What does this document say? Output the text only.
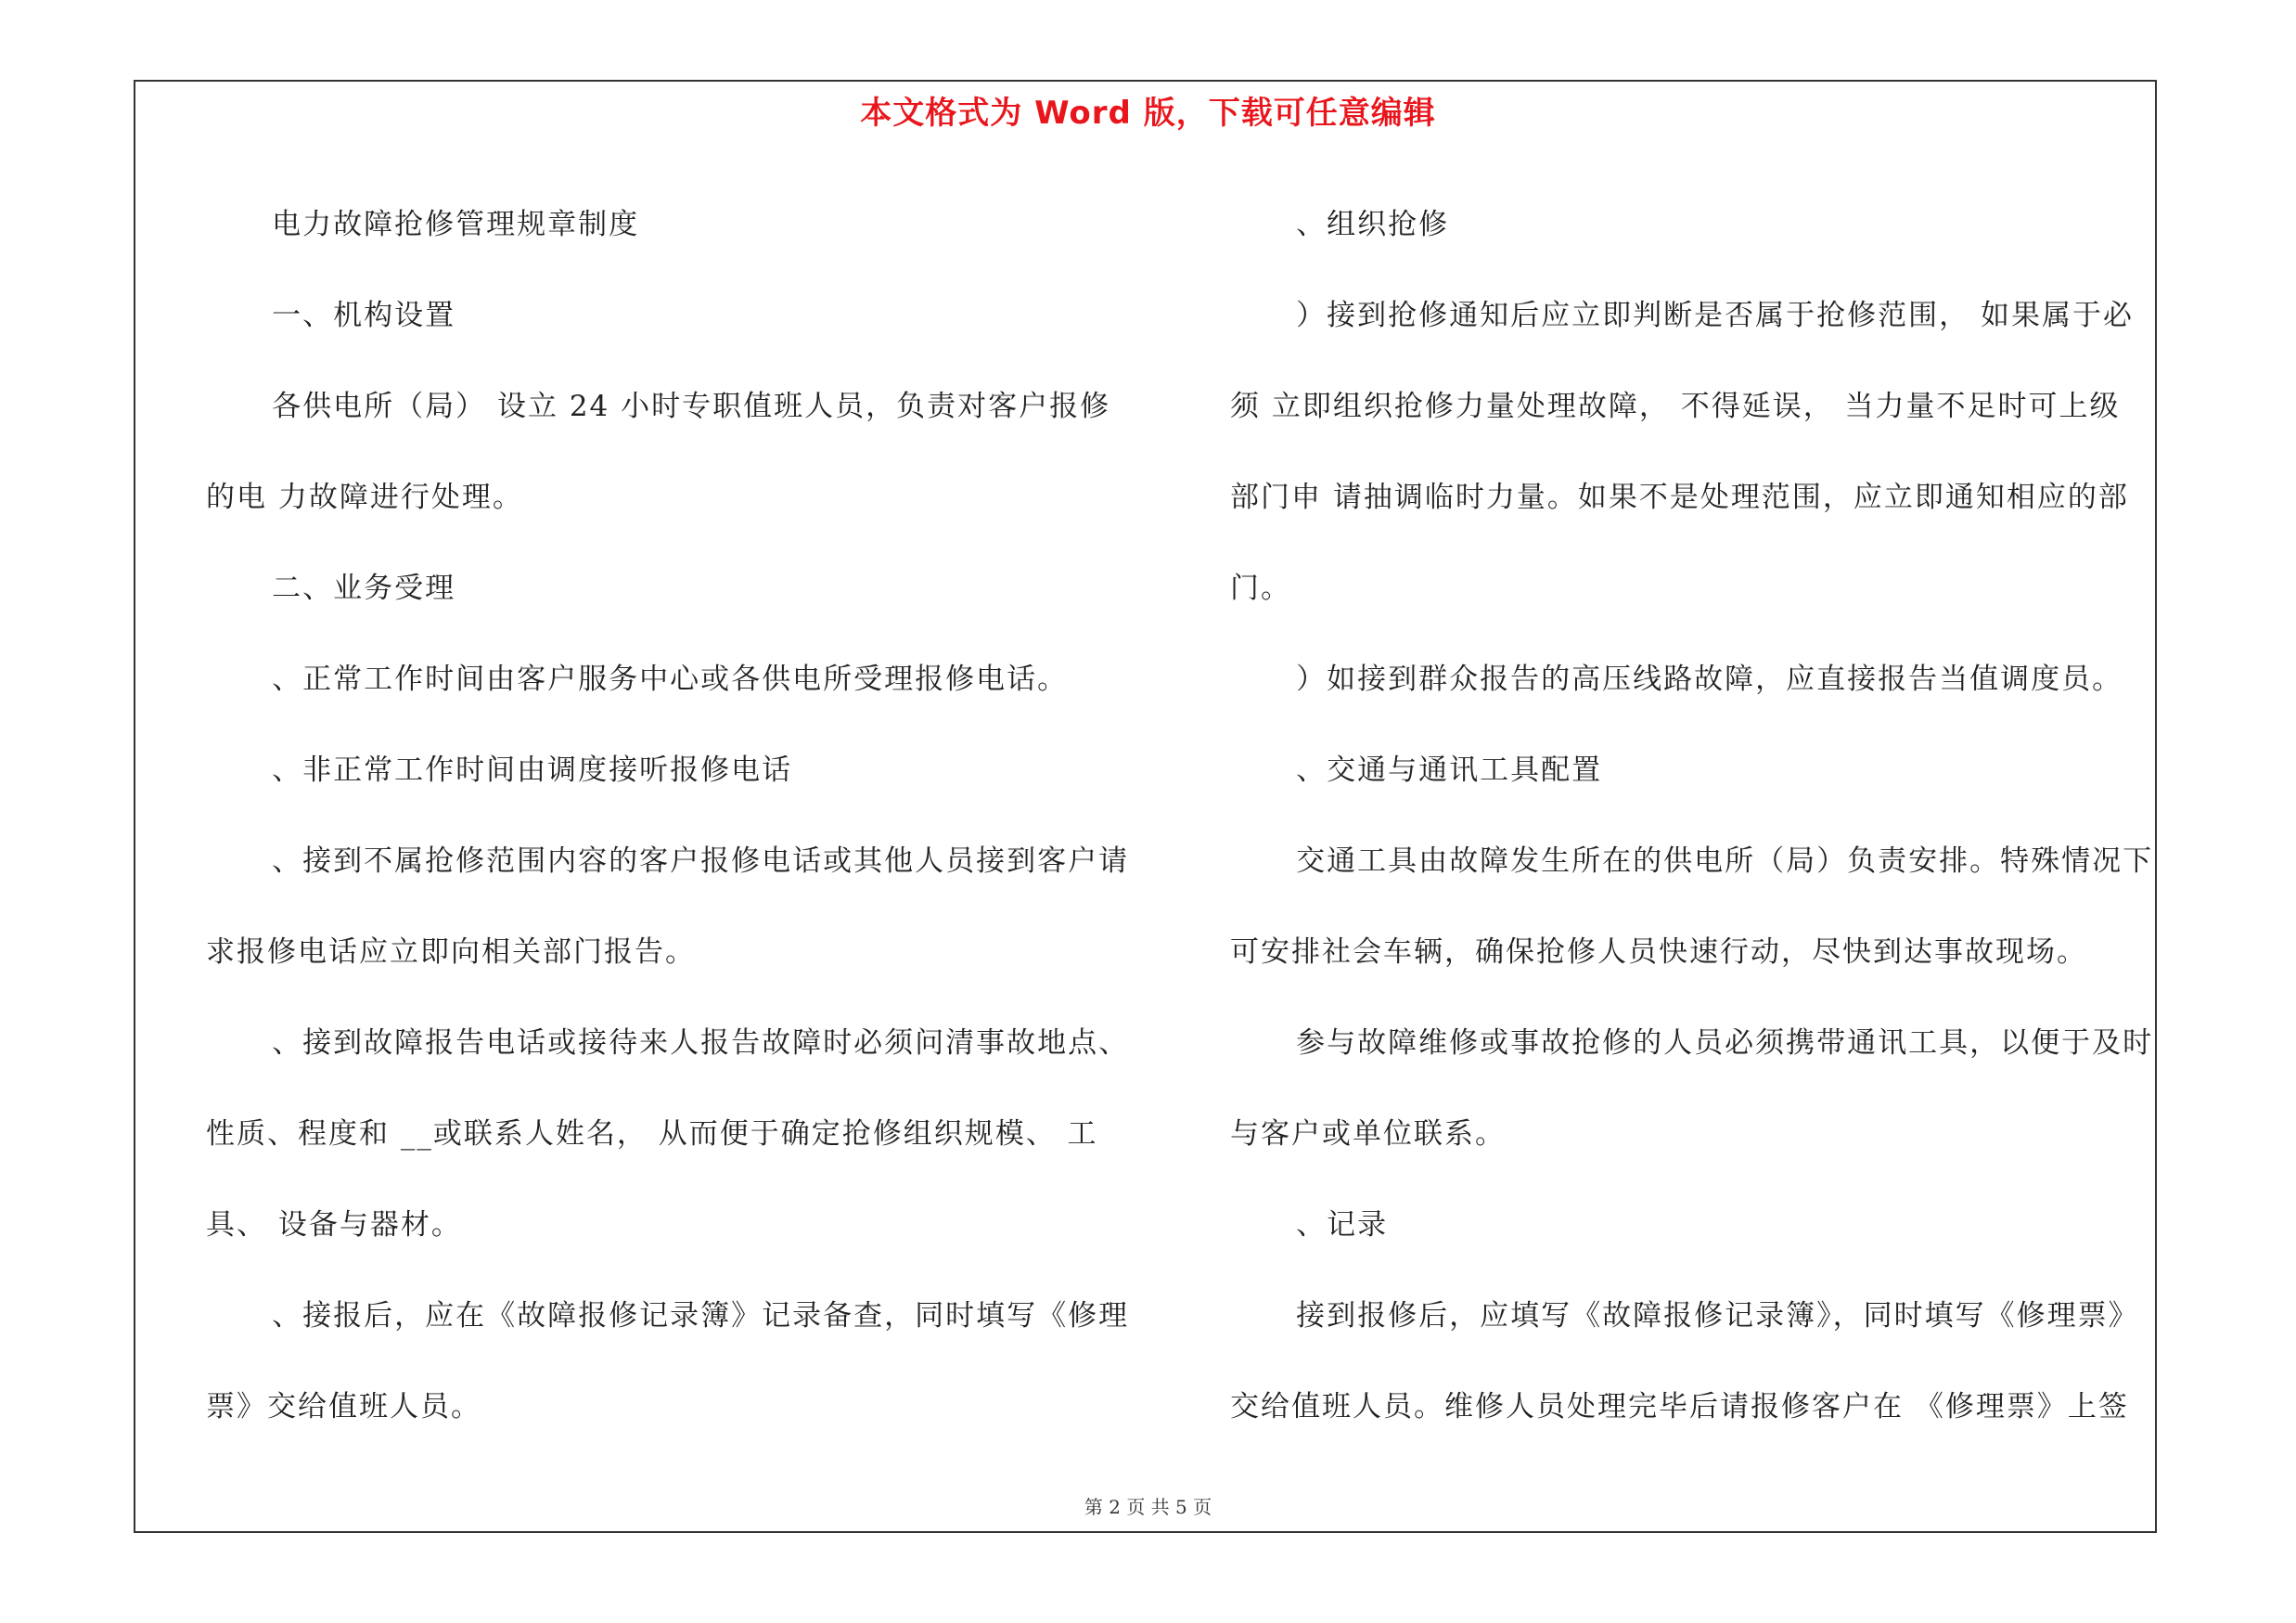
本文格式为 Word 版，下载可任意编辑
电力故障抢修管理规章制度
一、机构设置
各供电所（局） 设立 24 小时专职值班人员，负责对客户报修
的电 力故障进行处理。
二、业务受理
、正常工作时间由客户服务中心或各供电所受理报修电话。
、非正常工作时间由调度接听报修电话
、接到不属抢修范围内容的客户报修电话或其他人员接到客户请
求报修电话应立即向相关部门报告。
、接到故障报告电话或接待来人报告故障时必须问清事故地点、
性质、程度和 __或联系人姓名， 从而便于确定抢修组织规模、 工
具、 设备与器材。
、接报后，应在《故障报修记录簿》记录备查，同时填写《修理
票》交给值班人员。
、组织抢修
）接到抢修通知后应立即判断是否属于抢修范围， 如果属于必
须 立即组织抢修力量处理故障， 不得延误， 当力量不足时可上级
部门申 请抽调临时力量。如果不是处理范围，应立即通知相应的部
门。
）如接到群众报告的高压线路故障，应直接报告当值调度员。
、交通与通讯工具配置
交通工具由故障发生所在的供电所（局）负责安排。特殊情况下
可安排社会车辆，确保抢修人员快速行动，尽快到达事故现场。
参与故障维修或事故抢修的人员必须携带通讯工具，以便于及时
与客户或单位联系。
、记录
接到报修后，应填写《故障报修记录簿》，同时填写《修理票》
交给值班人员。维修人员处理完毕后请报修客户在 《修理票》上签
第 2 页 共 5 页
